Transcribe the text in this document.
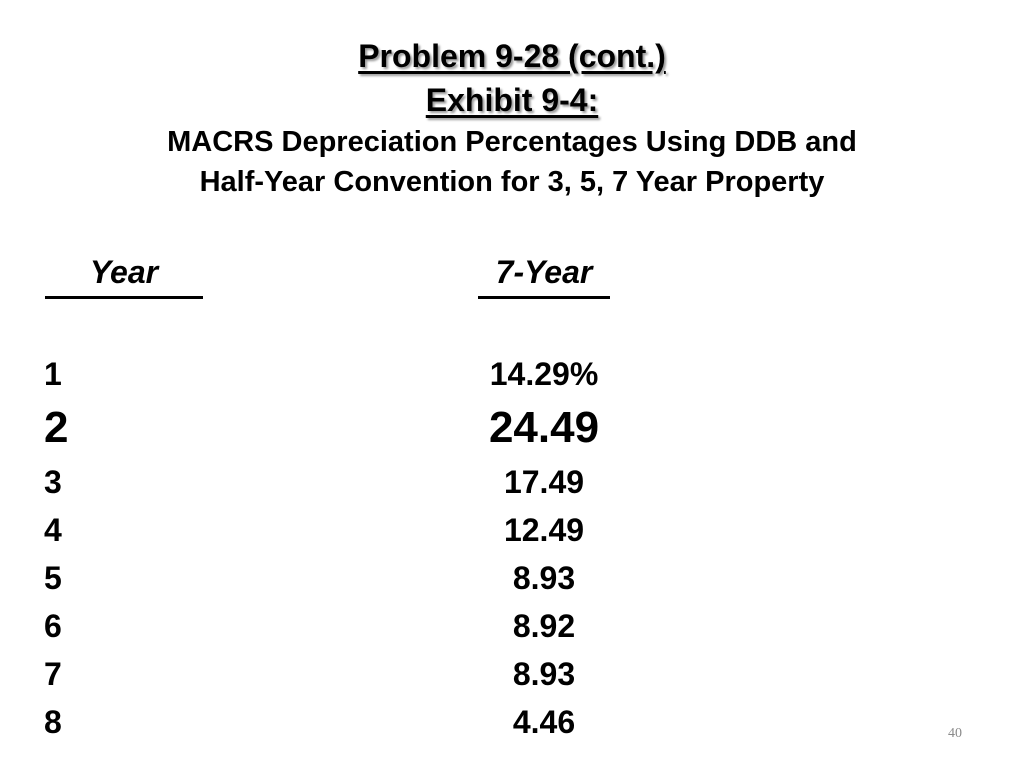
Problem 9-28 (cont.)
Exhibit 9-4:
MACRS Depreciation Percentages Using DDB and
Half-Year Convention for 3, 5, 7 Year Property
Year	7-Year
1	14.29%
2	24.49
3	17.49
4	12.49
5	8.93
6	8.92
7	8.93
8	4.46	40
